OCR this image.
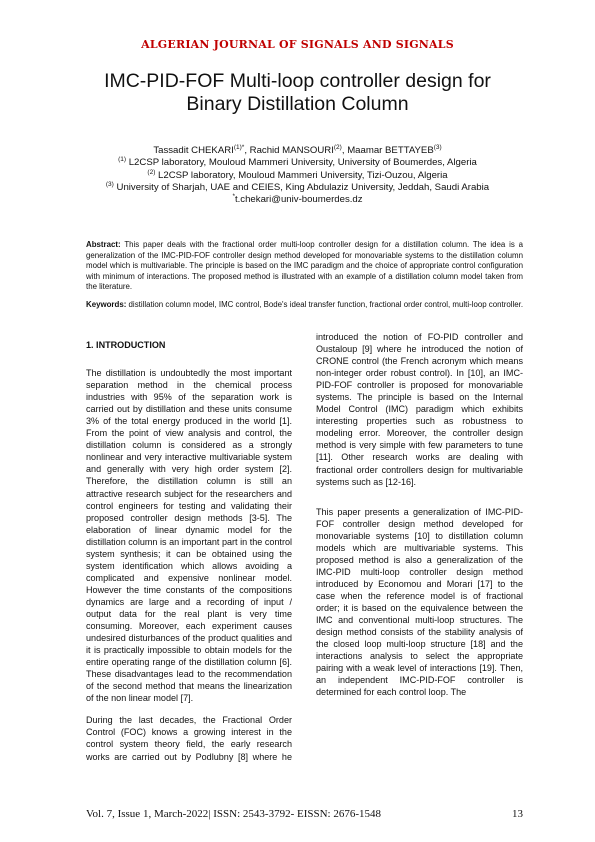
ALGERIAN JOURNAL OF SIGNALS AND SIGNALS
IMC-PID-FOF Multi-loop controller design for
Binary Distillation Column
Tassadit $CHEKARI^{(1)*}$, Rachid MANSOURI$^{(2)}$, Maamar BETTAYEB$^{(3)}$
$^{(1)}$ L2CSP laboratory, Mouloud Mammeri University, University of Boumerdes, Algeria
$^{(2)}$ L2CSP laboratory, Mouloud Mammeri University, Tizi-Ouzou, Algeria
$^{(3)}$ University of Sharjah, UAE and CEIES, King Abdulaziz University, Jeddah, Saudi Arabia
*t.chekari@univ-boumerdes.dz
Abstract: This paper deals with the fractional order multi-loop controller design for a distillation column. The idea is a generalization of the IMC-PID-FOF controller design method developed for monovariable systems to the distillation column model which is multivariable. The principle is based on the IMC paradigm and the choice of appropriate control configuration with minimum of interactions. The proposed method is illustrated with an example of a distillation column model taken from the literature.
Keywords: distillation column model, IMC control, Bode's ideal transfer function, fractional order control, multi-loop controller.

1. INTRODUCTION

The distillation is undoubtedly the most important separation method in the chemical process industries with 95% of the separation work is carried out by distillation and these units consume 3% of the total energy produced in the world [1]. From the point of view analysis and control, the distillation column is considered as a strongly nonlinear and very interactive multivariable system and generally with very high order system [2]. Therefore, the distillation column is still an attractive research subject for the researchers and control engineers for testing and validating their proposed controller design methods [3-5]. The elaboration of linear dynamic model for the distillation column is an important part in the control system synthesis; it can be obtained using the system identification which allows avoiding a complicated and expensive nonlinear model. However the time constants of the compositions dynamics are large and a recording of input / output data for the real plant is very time consuming. Moreover, each experiment causes undesired disturbances of the product qualities and it is practically impossible to obtain models for the entire operating range of the distillation column [6]. These disadvantages lead to the recommendation of the second method that means the linearization of the non linear model [7].

During the last decades, the Fractional Order Control (FOC) knows a growing interest in the control system theory field, the early research works are carried out by Podlubny [8] where he

introduced the notion of FO-PID controller and Oustaloup [9] where he introduced the notion of CRONE control (the French acronym which means non-integer order robust control). In [10], an IMC-PID-FOF controller is proposed for monovariable systems. The principle is based on the Internal Model Control (IMC) paradigm which exhibits interesting properties such as robustness to modeling error. Moreover, the controller design method is very simple with few parameters to tune [11]. Other research works are dealing with fractional order controllers design for multivariable systems such as [12-16].

This paper presents a generalization of IMC-PID-FOF controller design method developed for monovariable systems [10] to distillation column models which are multivariable systems. This proposed method is also a generalization of the IMC-PID multi-loop controller design method introduced by Economou and Morari [17] to the case when the reference model is of fractional order; it is based on the equivalence between the IMC and conventional multi-loop structures. The design method consists of the stability analysis of the closed loop multi-loop structure [18] and the interactions analysis to select the appropriate pairing with a weak level of interactions [19]. Then, an independent IMC-PID-FOF controller is determined for each control loop. The

Vol. 7, Issue 1, March-2022| ISSN: 2543-3792- EISSN: 2676-1548	13
